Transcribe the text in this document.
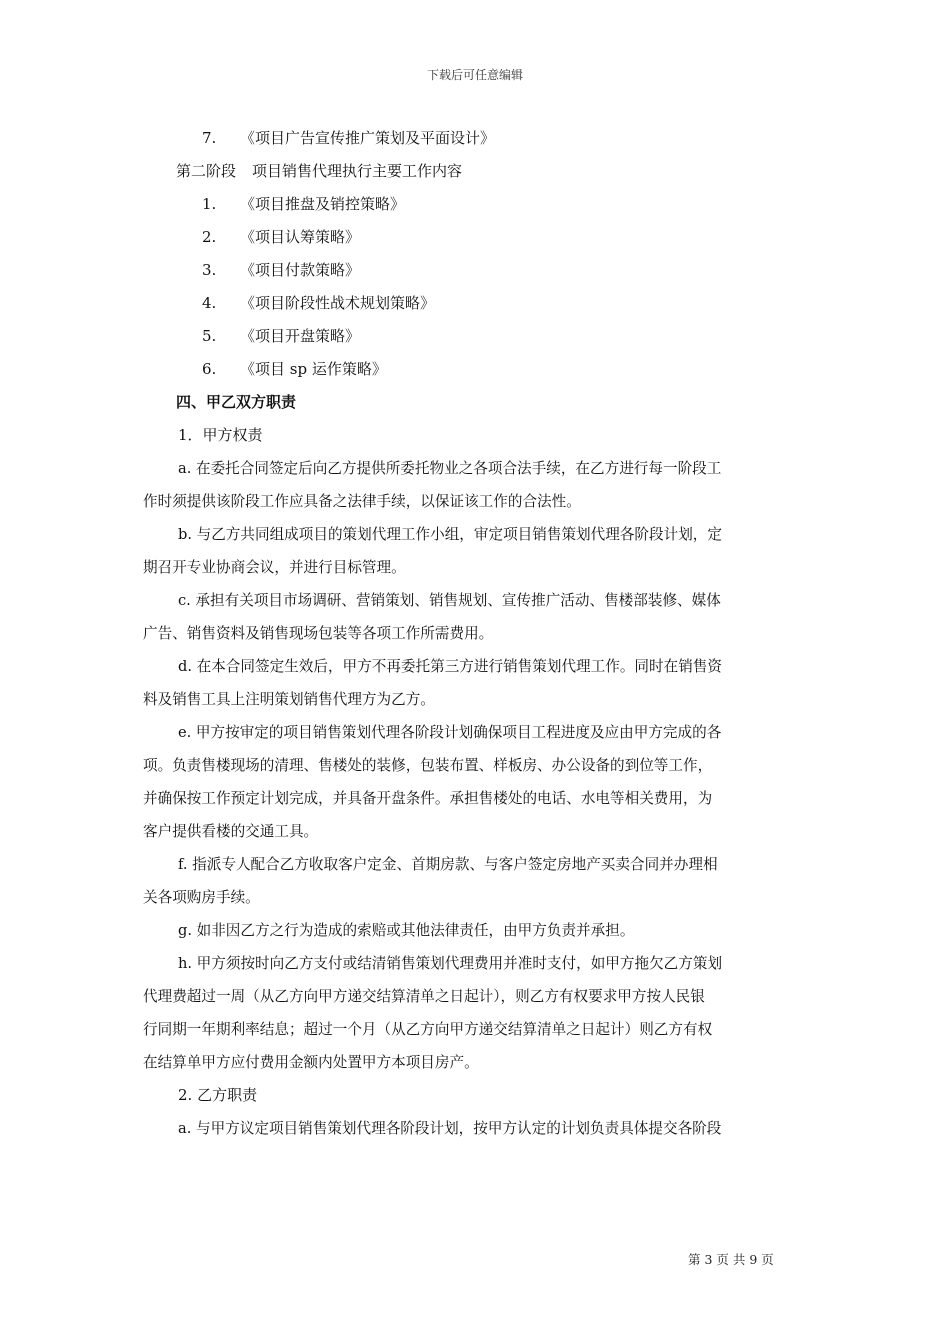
下载后可任意编辑
7. 《项目广告宣传推广策划及平面设计》
第二阶段 项目销售代理执行主要工作内容
1. 《项目推盘及销控策略》
2. 《项目认筹策略》
3. 《项目付款策略》
4. 《项目阶段性战术规划策略》
5. 《项目开盘策略》
6. 《项目 sp 运作策略》
四、甲乙双方职责
1．甲方权责
a. 在委托合同签定后向乙方提供所委托物业之各项合法手续，在乙方进行每一阶段工
作时须提供该阶段工作应具备之法律手续，以保证该工作的合法性。
b. 与乙方共同组成项目的策划代理工作小组，审定项目销售策划代理各阶段计划，定
期召开专业协商会议，并进行目标管理。
c. 承担有关项目市场调研、营销策划、销售规划、宣传推广活动、售楼部装修、媒体
广告、销售资料及销售现场包装等各项工作所需费用。
d. 在本合同签定生效后，甲方不再委托第三方进行销售策划代理工作。同时在销售资
料及销售工具上注明策划销售代理方为乙方。
e. 甲方按审定的项目销售策划代理各阶段计划确保项目工程进度及应由甲方完成的各
项。负责售楼现场的清理、售楼处的装修，包装布置、样板房、办公设备的到位等工作，
并确保按工作预定计划完成，并具备开盘条件。承担售楼处的电话、水电等相关费用，为
客户提供看楼的交通工具。
f. 指派专人配合乙方收取客户定金、首期房款、与客户签定房地产买卖合同并办理相
关各项购房手续。
g. 如非因乙方之行为造成的索赔或其他法律责任，由甲方负责并承担。
h. 甲方须按时向乙方支付或结清销售策划代理费用并准时支付，如甲方拖欠乙方策划
代理费超过一周（从乙方向甲方递交结算清单之日起计），则乙方有权要求甲方按人民银
行同期一年期利率结息；超过一个月（从乙方向甲方递交结算清单之日起计）则乙方有权
在结算单甲方应付费用金额内处置甲方本项目房产。
2. 乙方职责
a. 与甲方议定项目销售策划代理各阶段计划，按甲方认定的计划负责具体提交各阶段
第 3 页 共 9 页
